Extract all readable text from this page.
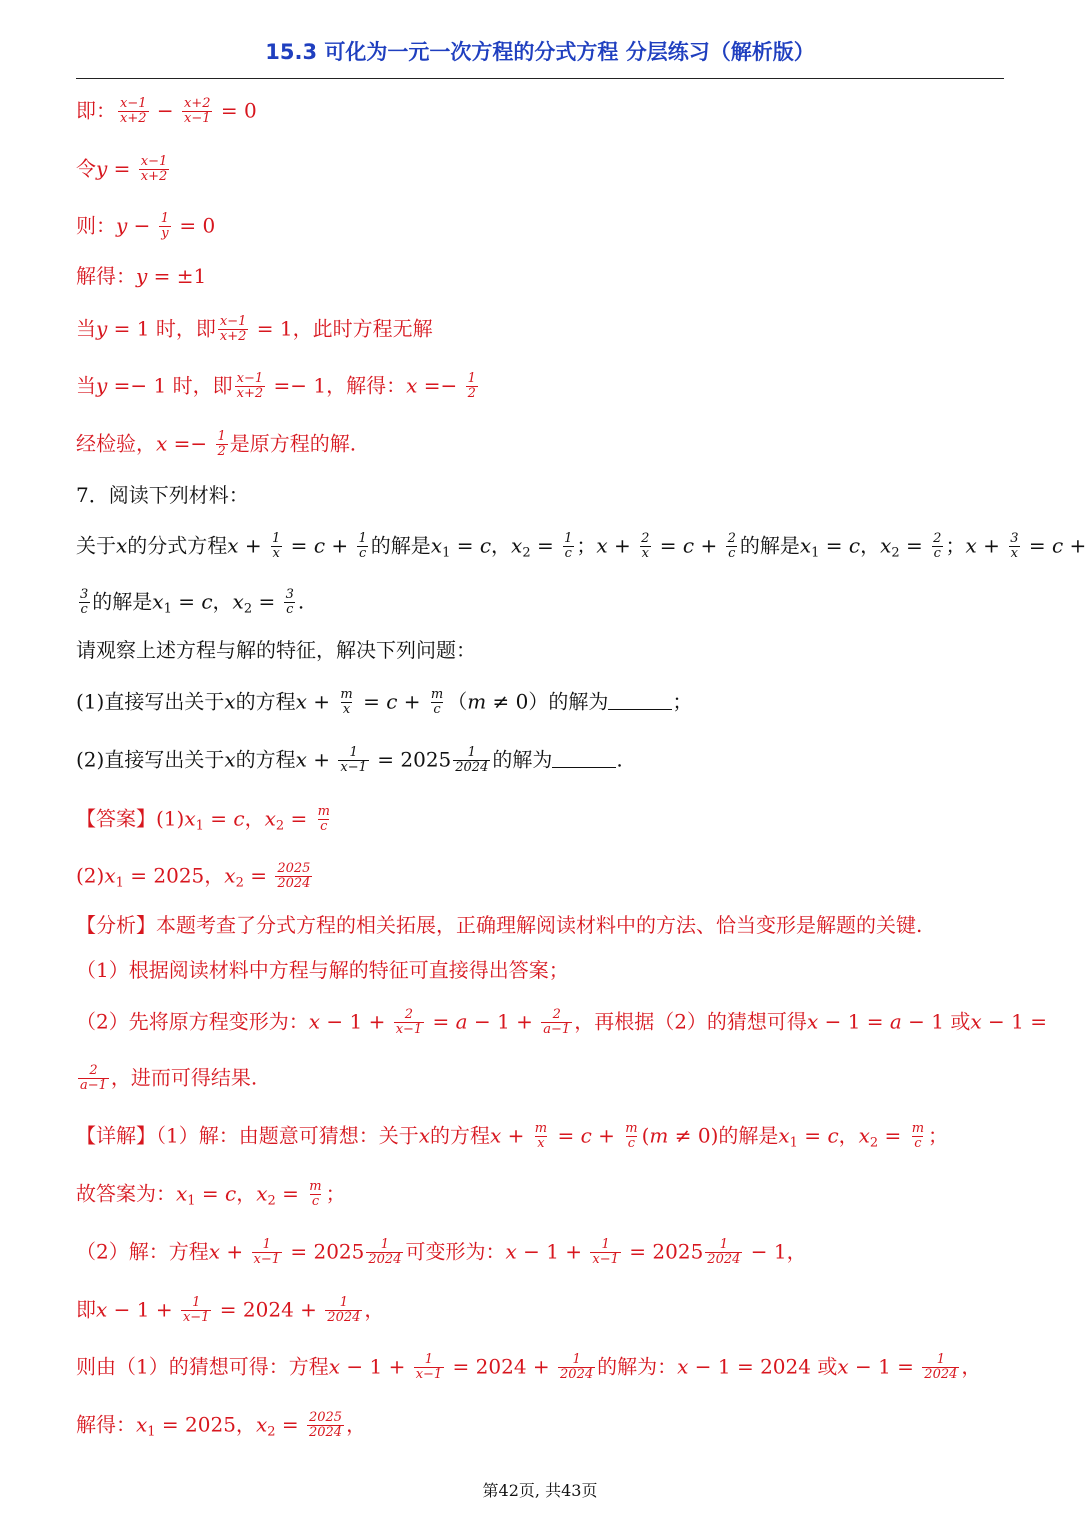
15.3 可化为一元一次方程的分式方程 分层练习（解析版）
即： $\frac{x-1}{x+2} - \frac{x+2}{x-1} = 0$
令$y = \frac{x-1}{x+2}$
则：$y - \frac{1}{y} = 0$
解得：y = ±1
当y = 1 时，即 $\frac{x-1}{x+2} = 1$，此时方程无解
当y =− 1 时，即 $\frac{x-1}{x+2} =- 1$，解得：$x =- \frac{1}{2}$
经检验，$x =- \frac{1}{2}$ 是原方程的解.
7．阅读下列材料：
关于x的分式方程$x + \frac{1}{x} = c + \frac{1}{c}$ 的解是$x_1 = c$，$x_2 = \frac{1}{c}$ ；$x + \frac{2}{x} = c + \frac{2}{c}$ 的解是$x_1 = c$，$x_2 = \frac{2}{c}$ ；$x + \frac{3}{x} = c$ +
$\frac{3}{c}$ 的解是$x_1 = c$，$x_2 = \frac{3}{c}$ .
请观察上述方程与解的特征，解决下列问题：
(1)直接写出关于x的方程$x + \frac{m}{x} = c + \frac{m}{c} (m \ne 0)$的解为	；
(2)直接写出关于x的方程$x + \frac{1}{x-1} = 2025 \frac{1}{2024}$ 的解为	.
【答案】$(1)x_1 = c$，$x_2 = \frac{m}{c}$
$(2)x_1 = 2025$，$x_2 = \frac{2025}{2024}$
【分析】本题考查了分式方程的相关拓展，正确理解阅读材料中的方法、恰当变形是解题的关键.
（1）根据阅读材料中方程与解的特征可直接得出答案；
（2）先将原方程变形为：$x - 1 + \frac{2}{x-1} = a - 1 + \frac{2}{a-1}$ ，再根据（2）的猜想可得x − 1 = a − 1 或x − 1 =
$\frac{2}{a-1}$ ，进而可得结果.
【详解】（1）解：由题意可猜想：关于x的方程$x + \frac{m}{x} = c + \frac{m}{c} (m \ne 0)$的解是$x_1 = c$，$x_2 = \frac{m}{c}$ ；
故答案为：$x_1 = c$，$x_2 = \frac{m}{c}$ ；
（2）解：方程$x + \frac{1}{x-1} = 2025 \frac{1}{2024}$ 可变形为：$x - 1 + \frac{1}{x-1} = 2025 \frac{1}{2024} - 1$，
即$x - 1 + \frac{1}{x-1} = 2024 + \frac{1}{2024}$ ，
则由（1）的猜想可得：方程$x - 1 + \frac{1}{x-1} = 2024 + \frac{1}{2024}$ 的解为：x − 1 = 2024 或$x - 1 = \frac{1}{2024}$ ，
解得：$x_1 = 2025$，$x_2 = \frac{2025}{2024}$ ，
第42页, 共43页
